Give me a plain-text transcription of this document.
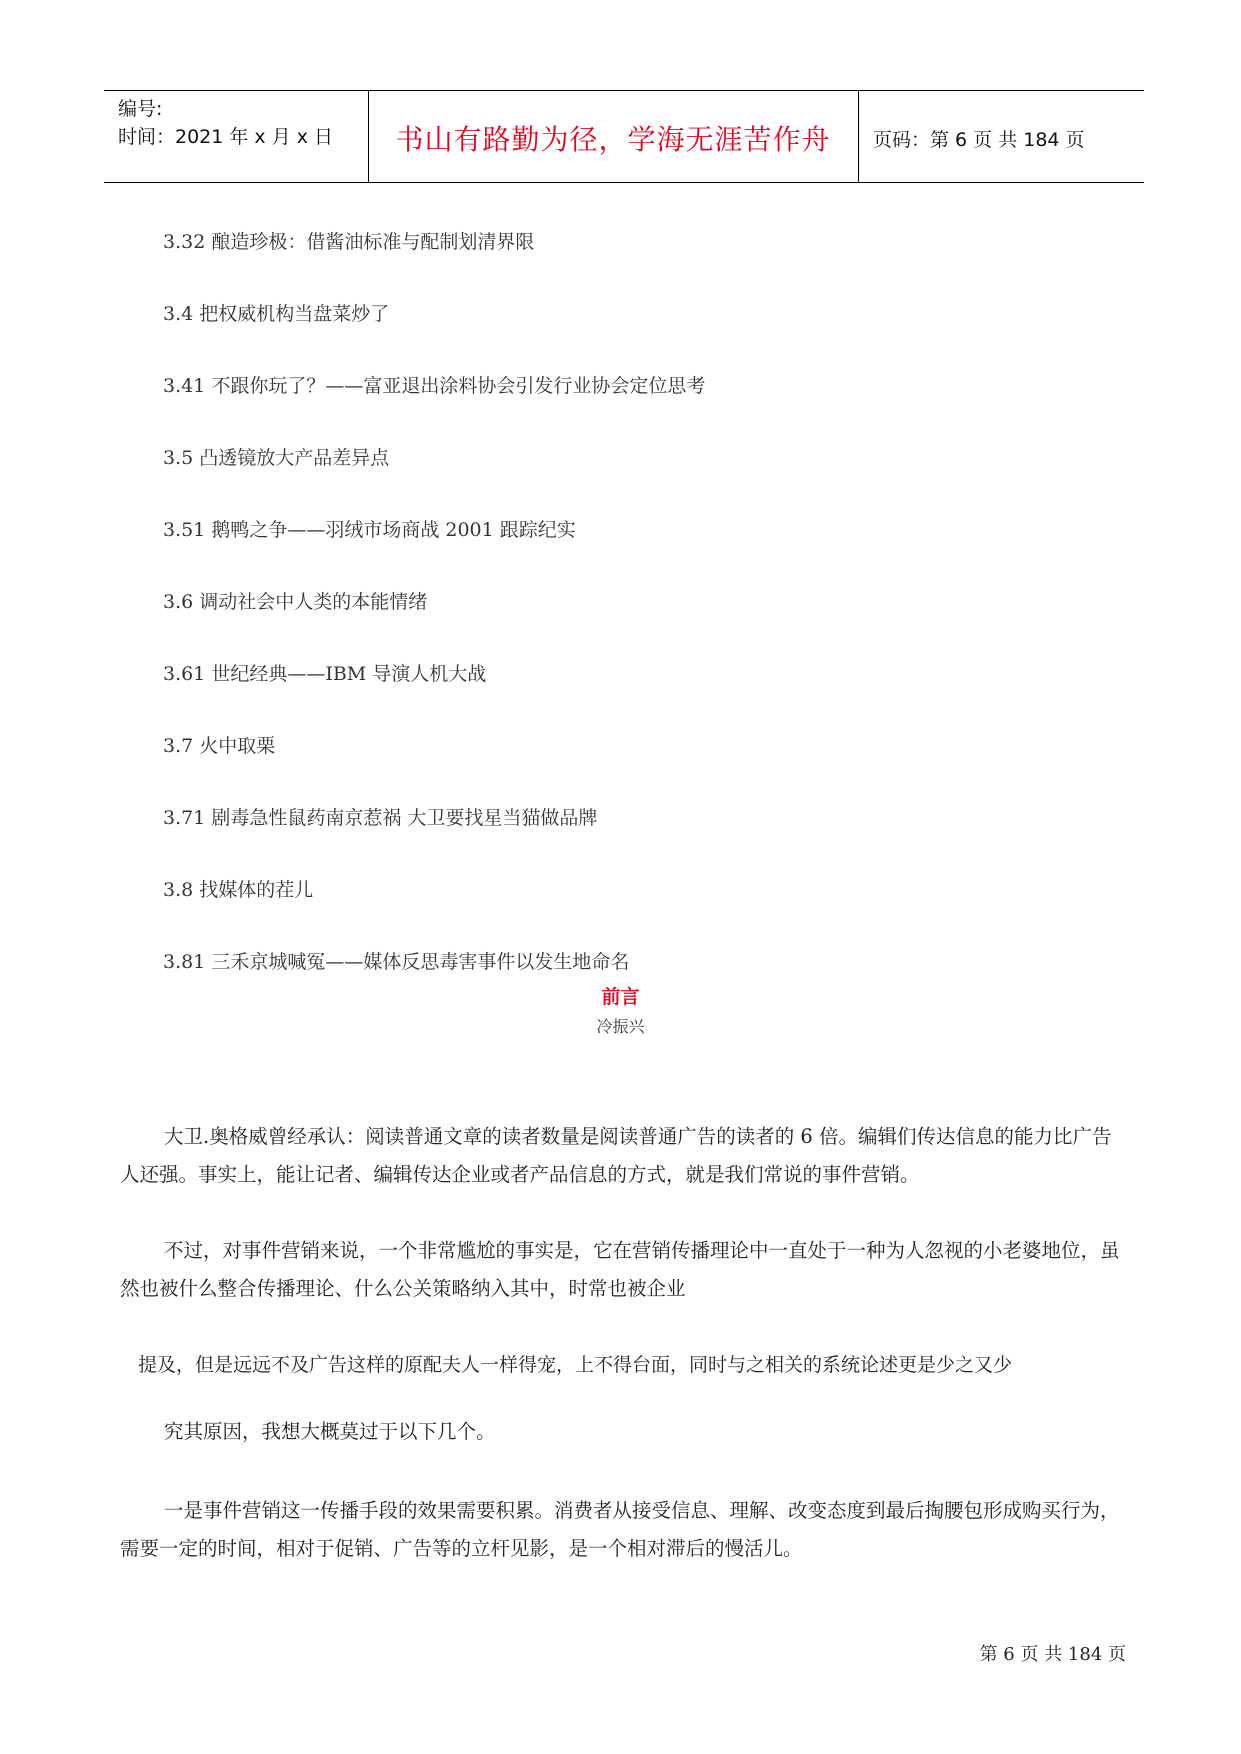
编号:
时间：2021 年 x 月 x 日	书山有路勤为径，学海无涯苦作舟	页码：第 6 页 共 184 页
3.32 酿造珍极：借酱油标准与配制划清界限
3.4 把权威机构当盘菜炒了
3.41 不跟你玩了？——富亚退出涂料协会引发行业协会定位思考
3.5 凸透镜放大产品差异点
3.51 鹅鸭之争——羽绒市场商战 2001 跟踪纪实
3.6 调动社会中人类的本能情绪
3.61 世纪经典——IBM 导演人机大战
3.7 火中取栗
3.71 剧毒急性鼠药南京惹祸 大卫要找星当猫做品牌
3.8 找媒体的茬儿
3.81 三禾京城喊冤——媒体反思毒害事件以发生地命名
前言
冷振兴

大卫.奥格威曾经承认：阅读普通文章的读者数量是阅读普通广告的读者的 6 倍。编辑们传达信息的能力比广告人还强。事实上，能让记者、编辑传达企业或者产品信息的方式，就是我们常说的事件营销。

不过，对事件营销来说，一个非常尴尬的事实是，它在营销传播理论中一直处于一种为人忽视的小老婆地位，虽然也被什么整合传播理论、什么公关策略纳入其中，时常也被企业

提及，但是远远不及广告这样的原配夫人一样得宠，上不得台面，同时与之相关的系统论述更是少之又少

究其原因，我想大概莫过于以下几个。

一是事件营销这一传播手段的效果需要积累。消费者从接受信息、理解、改变态度到最后掏腰包形成购买行为，需要一定的时间，相对于促销、广告等的立杆见影，是一个相对滞后的慢活儿。

第 6 页 共 184 页
